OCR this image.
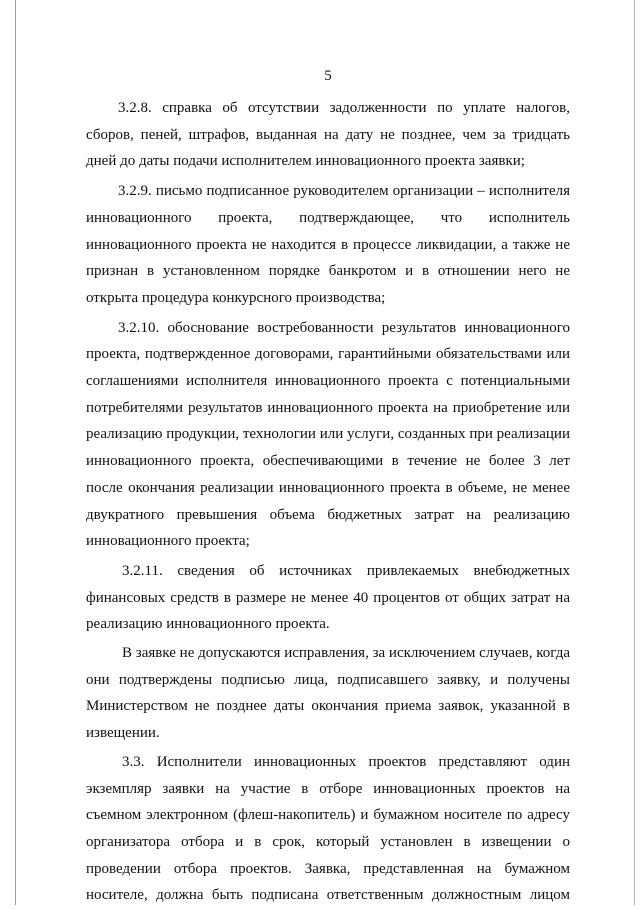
5

3.2.8. справка об отсутствии задолженности по уплате налогов, сборов, пеней, штрафов, выданная на дату не позднее, чем за тридцать дней до даты подачи исполнителем инновационного проекта заявки;

3.2.9. письмо подписанное руководителем организации – исполнителя инновационного проекта, подтверждающее, что исполнитель инновационного проекта не находится в процессе ликвидации, а также не признан в установленном порядке банкротом и в отношении него не открыта процедура конкурсного производства;

3.2.10. обоснование востребованности результатов инновационного проекта, подтвержденное договорами, гарантийными обязательствами или соглашениями исполнителя инновационного проекта с потенциальными потребителями результатов инновационного проекта на приобретение или реализацию продукции, технологии или услуги, созданных при реализации инновационного проекта, обеспечивающими в течение не более 3 лет после окончания реализации инновационного проекта в объеме, не менее двукратного превышения объема бюджетных затрат на реализацию инновационного проекта;

3.2.11. сведения об источниках привлекаемых внебюджетных финансовых средств в размере не менее 40 процентов от общих затрат на реализацию инновационного проекта.

В заявке не допускаются исправления, за исключением случаев, когда они подтверждены подписью лица, подписавшего заявку, и получены Министерством не позднее даты окончания приема заявок, указанной в извещении.

3.3. Исполнители инновационных проектов представляют один экземпляр заявки на участие в отборе инновационных проектов на съемном электронном (флеш-накопитель) и бумажном носителе по адресу организатора отбора и в срок, который установлен в извещении о проведении отбора проектов. Заявка, представленная на бумажном носителе, должна быть подписана ответственным должностным лицом
